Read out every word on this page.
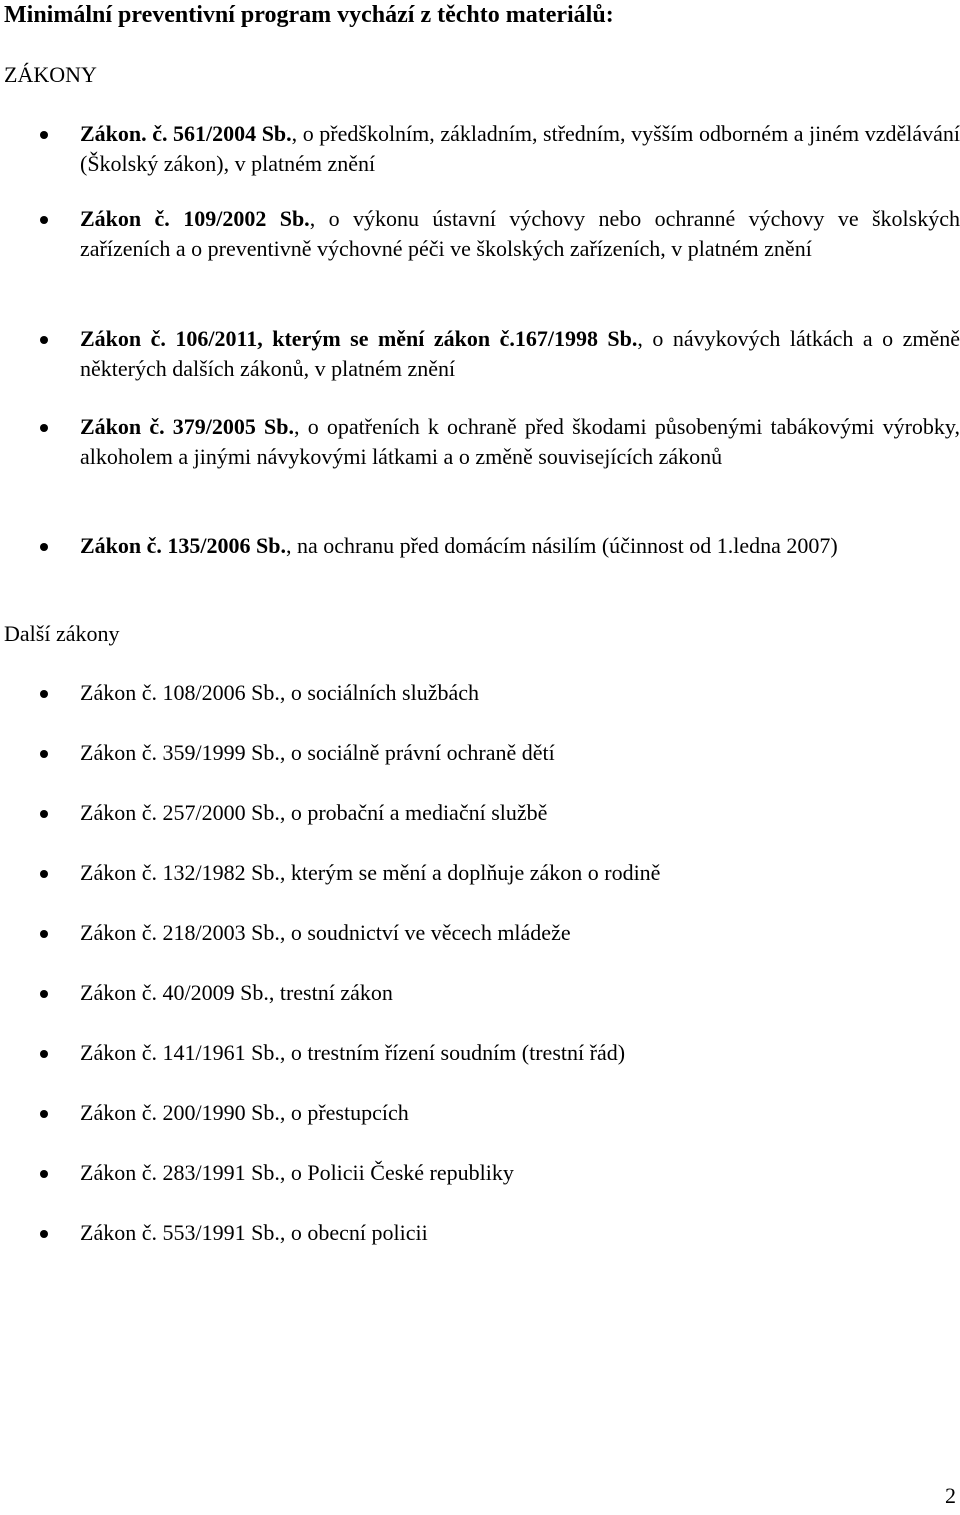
Minimální preventivní program vychází z těchto materiálů:
ZÁKONY
Zákon. č. 561/2004 Sb., o předškolním, základním, středním, vyšším odborném a jiném vzdělávání (Školský zákon), v platném znění
Zákon č. 109/2002 Sb., o výkonu ústavní výchovy nebo ochranné výchovy ve školských zařízeních a o preventivně výchovné péči ve školských zařízeních, v platném znění
Zákon č. 106/2011, kterým se mění zákon č.167/1998 Sb., o návykových látkách a o změně některých dalších zákonů, v platném znění
Zákon č. 379/2005 Sb., o opatřeních k ochraně před škodami působenými tabákovými výrobky, alkoholem a jinými návykovými látkami a o změně souvisejících zákonů
Zákon č. 135/2006 Sb., na ochranu před domácím násilím (účinnost od 1.ledna 2007)
Další zákony
Zákon č. 108/2006 Sb., o sociálních službách
Zákon č. 359/1999 Sb., o sociálně právní ochraně dětí
Zákon č. 257/2000 Sb., o probační a mediační službě
Zákon č. 132/1982 Sb., kterým se mění a doplňuje zákon o rodině
Zákon č. 218/2003 Sb., o soudnictví ve věcech mládeže
Zákon č. 40/2009 Sb., trestní zákon
Zákon č. 141/1961 Sb., o trestním řízení soudním (trestní řád)
Zákon č. 200/1990 Sb., o přestupcích
Zákon č. 283/1991 Sb., o Policii České republiky
Zákon č. 553/1991 Sb., o obecní policii
2
